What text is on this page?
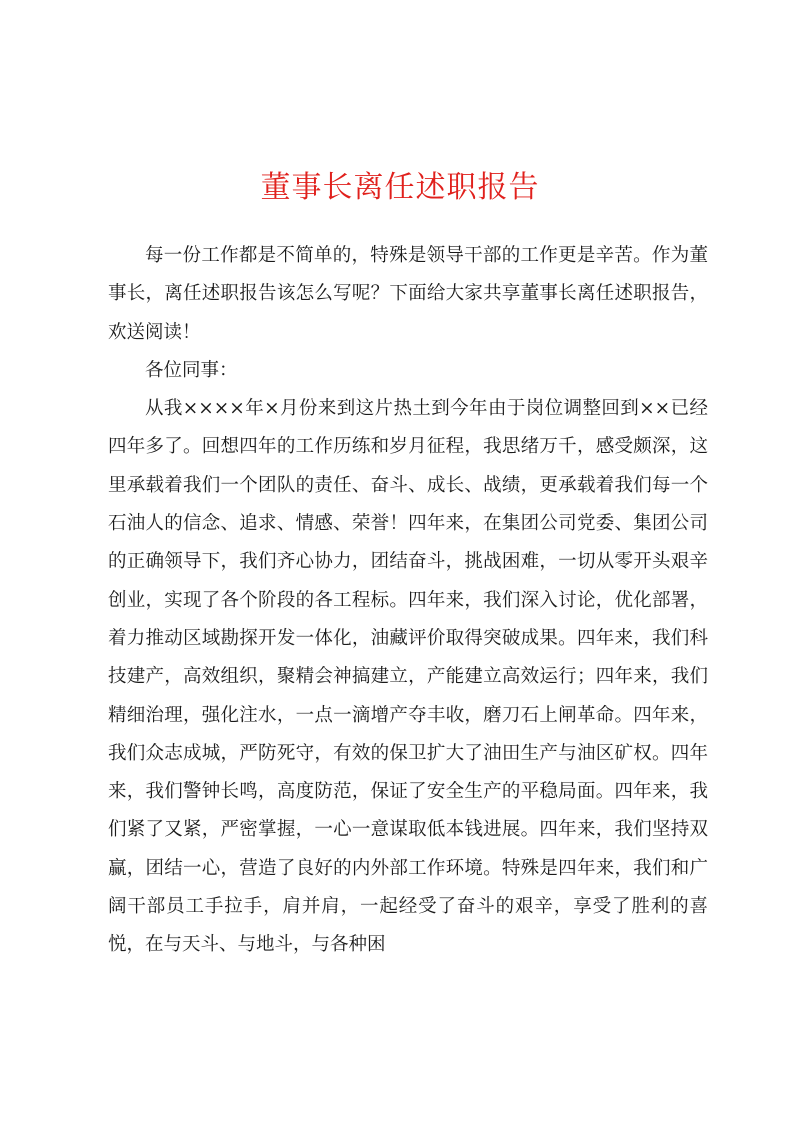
董事长离任述职报告

每一份工作都是不简单的，特殊是领导干部的工作更是辛苦。作为董事长，离任述职报告该怎么写呢？下面给大家共享董事长离任述职报告，欢送阅读！

各位同事：

从我××××年×月份来到这片热土到今年由于岗位调整回到××已经四年多了。回想四年的工作历练和岁月征程，我思绪万千，感受颇深，这里承载着我们一个团队的责任、奋斗、成长、战绩，更承载着我们每一个石油人的信念、追求、情感、荣誉！四年来，在集团公司党委、集团公司的正确领导下，我们齐心协力，团结奋斗，挑战困难，一切从零开头艰辛创业，实现了各个阶段的各工程标。四年来，我们深入讨论，优化部署，着力推动区域勘探开发一体化，油藏评价取得突破成果。四年来，我们科技建产，高效组织，聚精会神搞建立，产能建立高效运行；四年来，我们精细治理，强化注水，一点一滴增产夺丰收，磨刀石上闸革命。四年来，我们众志成城，严防死守，有效的保卫扩大了油田生产与油区矿权。四年来，我们警钟长鸣，高度防范，保证了安全生产的平稳局面。四年来，我们紧了又紧，严密掌握，一心一意谋取低本钱进展。四年来，我们坚持双赢，团结一心，营造了良好的内外部工作环境。特殊是四年来，我们和广阔干部员工手拉手，肩并肩，一起经受了奋斗的艰辛，享受了胜利的喜悦，在与天斗、与地斗，与各种困
